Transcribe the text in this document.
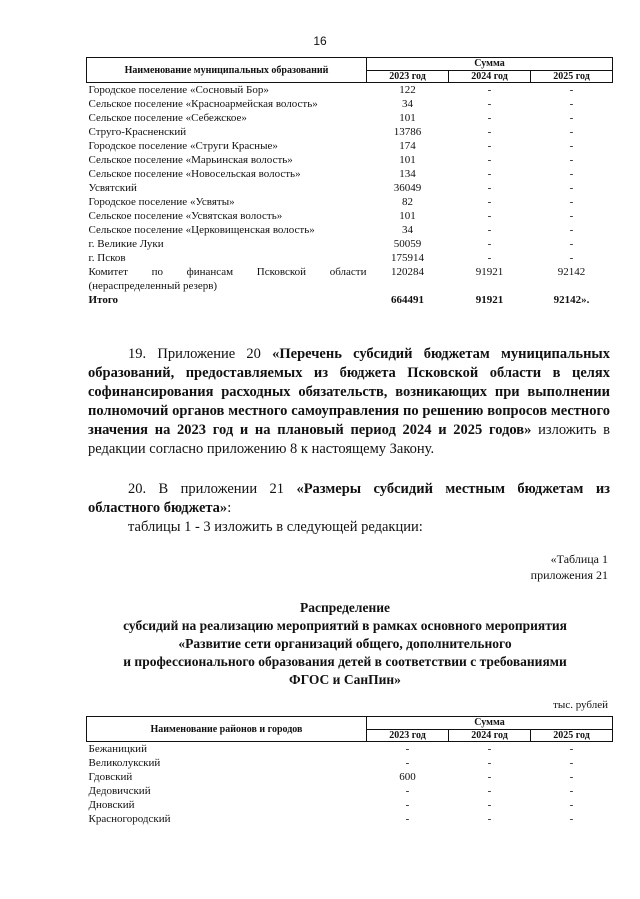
16
Наименование муниципальных образований	Сумма		
	2023 год	2024 год	2025 год
Городское поселение «Сосновый Бор»	122	-	-
Сельское поселение «Красноармейская волость»	34	-	-
Сельское поселение «Себежское»	101	-	-
Струго-Красненский	13786	-	-
Городское поселение «Струги Красные»	174	-	-
Сельское поселение «Марьинская волость»	101	-	-
Сельское поселение «Новосельская волость»	134	-	-
Усвятский	36049	-	-
Городское поселение «Усвяты»	82	-	-
Сельское поселение «Усвятская волость»	101	-	-
Сельское поселение «Церковищенская волость»	34	-	-
г. Великие Луки	50059	-	-
г. Псков	175914	-	-

Комитет по финансам Псковской области
(нераспределенный резерв)	120284	91921	92142
Итого	664491	91921	92142».
19. Приложение 20 «Перечень субсидий бюджетам муниципальных образований, предоставляемых из бюджета Псковской области в целях софинансирования расходных обязательств, возникающих при выполнении полномочий органов местного самоуправления по решению вопросов местного значения на 2023 год и на плановый период 2024 и 2025 годов» изложить в редакции согласно приложению 8 к настоящему Закону.
20. В приложении 21 «Размеры субсидий местным бюджетам из областного бюджета»:
таблицы 1 - 3 изложить в следующей редакции:
«Таблица 1
приложения 21
Распределение
субсидий на реализацию мероприятий в рамках основного мероприятия
«Развитие сети организаций общего, дополнительного
и профессионального образования детей в соответствии с требованиями
ФГОС и СанПин»
тыс. рублей
Наименование районов и городов	Сумма		
	2023 год	2024 год	2025 год
Бежаницкий	-	-	-
Великолукский	-	-	-
Гдовский	600	-	-
Дедовичский	-	-	-
Дновский	-	-	-
Красногородский	-	-	-
